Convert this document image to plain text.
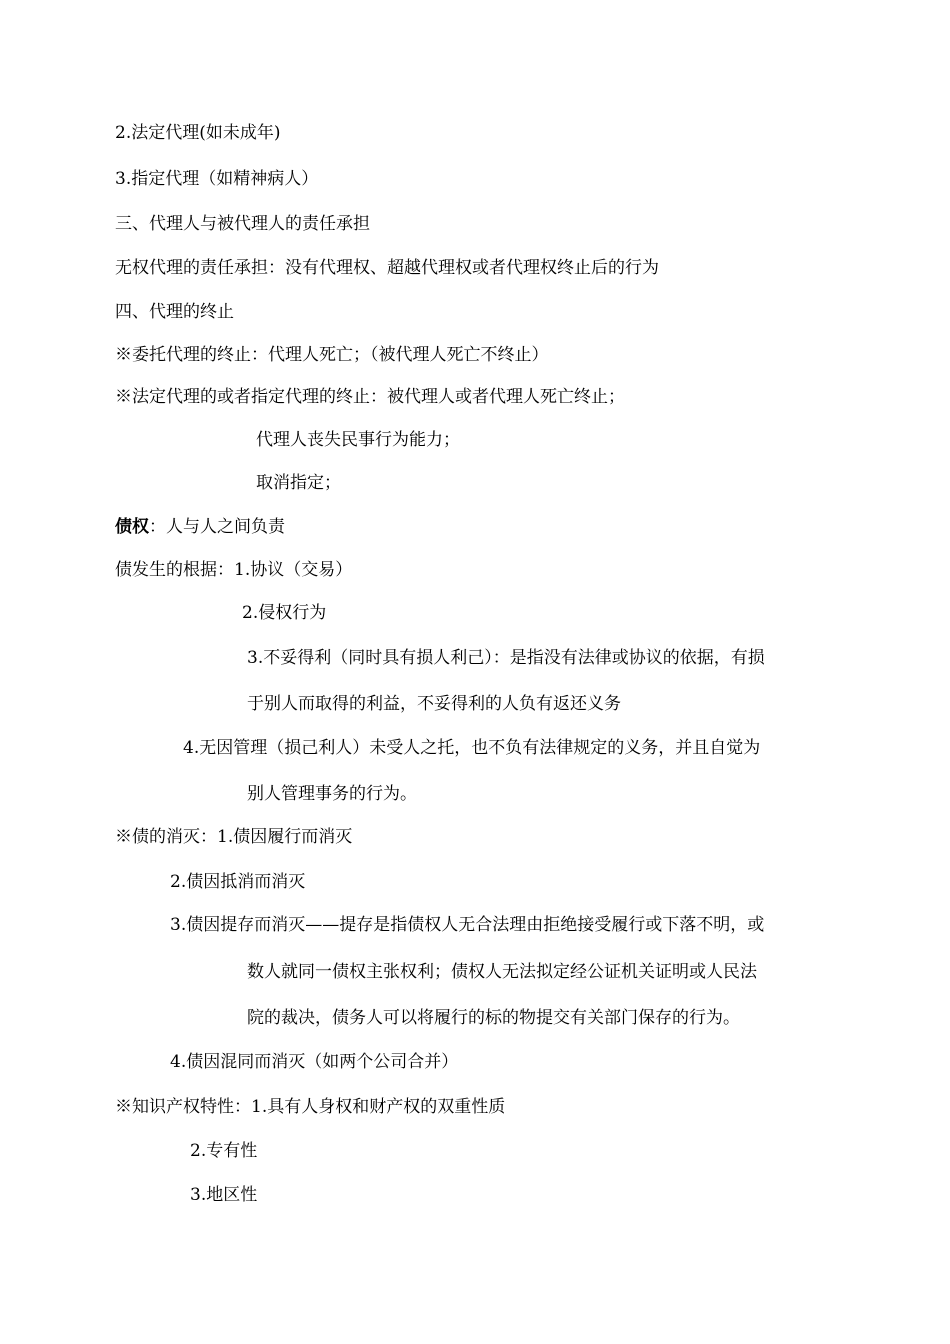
2.法定代理(如未成年)
3.指定代理（如精神病人）
三、代理人与被代理人的责任承担
无权代理的责任承担：没有代理权、超越代理权或者代理权终止后的行为
四、代理的终止
※委托代理的终止：代理人死亡；（被代理人死亡不终止）
※法定代理的或者指定代理的终止：被代理人或者代理人死亡终止；
代理人丧失民事行为能力；
取消指定；
债权：人与人之间负责
债发生的根据：1.协议（交易）
2.侵权行为
3.不妥得利（同时具有损人利己）：是指没有法律或协议的依据，有损
于别人而取得的利益，不妥得利的人负有返还义务
4.无因管理（损己利人）未受人之托，也不负有法律规定的义务，并且自觉为
别人管理事务的行为。
※债的消灭：1.债因履行而消灭
2.债因抵消而消灭
3.债因提存而消灭——提存是指债权人无合法理由拒绝接受履行或下落不明，或
数人就同一债权主张权利；债权人无法拟定经公证机关证明或人民法
院的裁决，债务人可以将履行的标的物提交有关部门保存的行为。
4.债因混同而消灭（如两个公司合并）
※知识产权特性：1.具有人身权和财产权的双重性质
2.专有性
3.地区性
